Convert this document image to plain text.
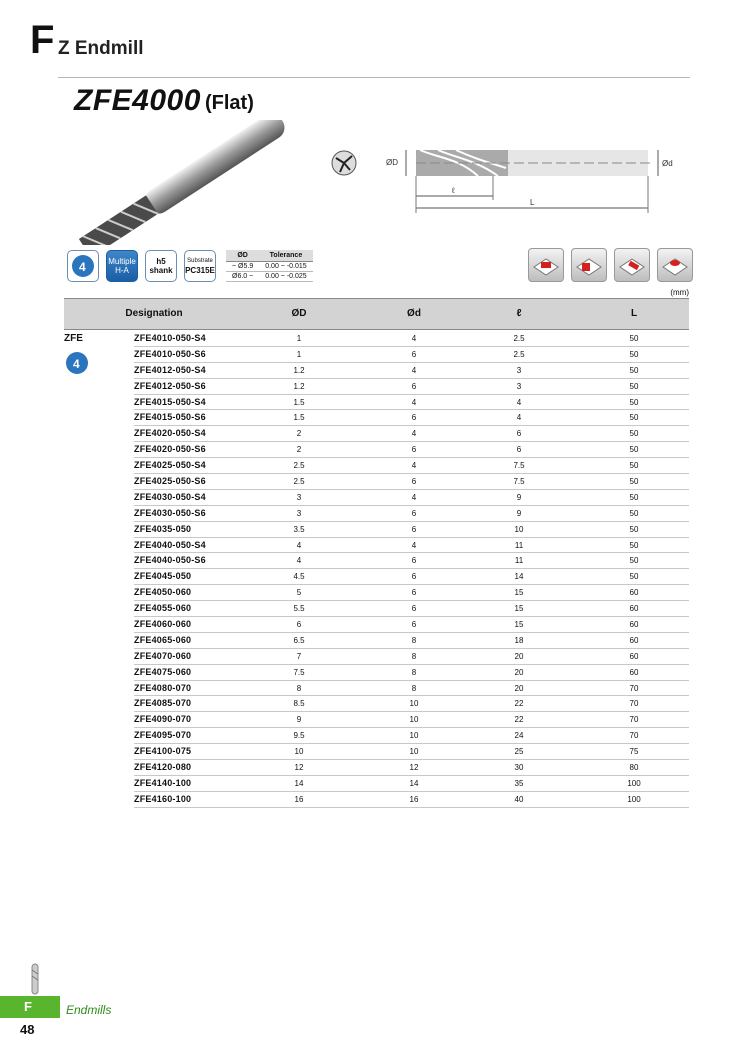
F Z Endmill
ZFE4000 (Flat)
ØD	Ød
ℓ
L
4	Multiple
H-A
h5
shank
Substrate
PC315E
ØD	Tolerance
~ Ø5.9	0.00 ~ -0.015
Ø6.0 ~	0.00 ~ -0.025
(mm)
Designation	ØD	Ød	ℓ	L
ZFE
4
ZFE4010-050-S4	1	4	2.5	50
ZFE4010-050-S6	1	6	2.5	50
ZFE4012-050-S4	1.2	4	3	50
ZFE4012-050-S6	1.2	6	3	50
ZFE4015-050-S4	1.5	4	4	50
ZFE4015-050-S6	1.5	6	4	50
ZFE4020-050-S4	2	4	6	50
ZFE4020-050-S6	2	6	6	50
ZFE4025-050-S4	2.5	4	7.5	50
ZFE4025-050-S6	2.5	6	7.5	50
ZFE4030-050-S4	3	4	9	50
ZFE4030-050-S6	3	6	9	50
ZFE4035-050	3.5	6	10	50
ZFE4040-050-S4	4	4	11	50
ZFE4040-050-S6	4	6	11	50
ZFE4045-050	4.5	6	14	50
ZFE4050-060	5	6	15	60
ZFE4055-060	5.5	6	15	60
ZFE4060-060	6	6	15	60
ZFE4065-060	6.5	8	18	60
ZFE4070-060	7	8	20	60
ZFE4075-060	7.5	8	20	60
ZFE4080-070	8	8	20	70
ZFE4085-070	8.5	10	22	70
ZFE4090-070	9	10	22	70
ZFE4095-070	9.5	10	24	70
ZFE4100-075	10	10	25	75
ZFE4120-080	12	12	30	80
ZFE4140-100	14	14	35	100
ZFE4160-100	16	16	40	100
F	Endmills
48
